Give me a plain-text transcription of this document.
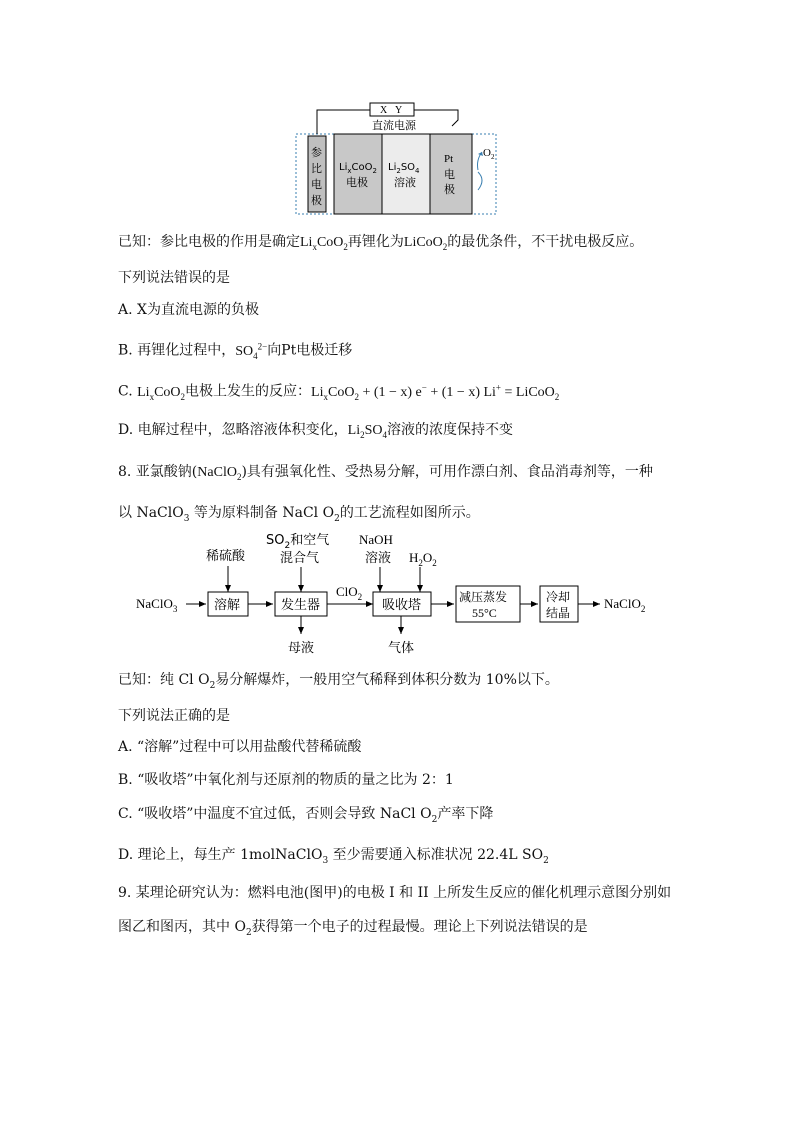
X Y
直流电源
参
比
电
极
$Li_xCoO_2$
电极
$Li_2SO_4$
溶液
Pt
电
极
$O_2$
已知：参比电极的作用是确定$Li_xCoO_2$再锂化为LiCoO$_2$的最优条件，不干扰电极反应。
下列说法错误的是
A. X为直流电源的负极
B. 再锂化过程中，$SO_4^{2-}$向Pt电极迁移
C. $Li_xCoO_2$电极上发生的反应：$Li_xCoO_2 + (1 - x) e^- + (1 - x) Li^+$ = LiCoO$_2$
D. 电解过程中，忽略溶液体积变化，$Li_2SO_4$溶液的浓度保持不变
8. 亚氯酸钠(NaClO$_2$)具有强氧化性、受热易分解，可用作漂白剂、食品消毒剂等，一种
以 NaClO$_3$ 等为原料制备 NaCl $O_2$的工艺流程如图所示。
NaClO$_3$
稀硫酸
溶解
$SO_2$和空气
混合气
发生器
母液
ClO$_2$
NaOH
溶液 $H_2O_2$
吸收塔
气体
减压蒸发
55°C
冷却
结晶
NaClO$_2$
已知：纯 Cl $O_2$易分解爆炸，一般用空气稀释到体积分数为 10%以下。
下列说法正确的是
A. “溶解”过程中可以用盐酸代替稀硫酸
B. “吸收塔”中氧化剂与还原剂的物质的量之比为 2：1
C. “吸收塔”中温度不宜过低，否则会导致 NaCl $O_2$产率下降
D. 理论上，每生产 1molNaClO$_3$ 至少需要通入标准状况 22.4L $SO_2$
9. 某理论研究认为：燃料电池(图甲)的电极 I 和 II 上所发生反应的催化机理示意图分别如
图乙和图丙，其中 $O_2$获得第一个电子的过程最慢。理论上下列说法错误的是
